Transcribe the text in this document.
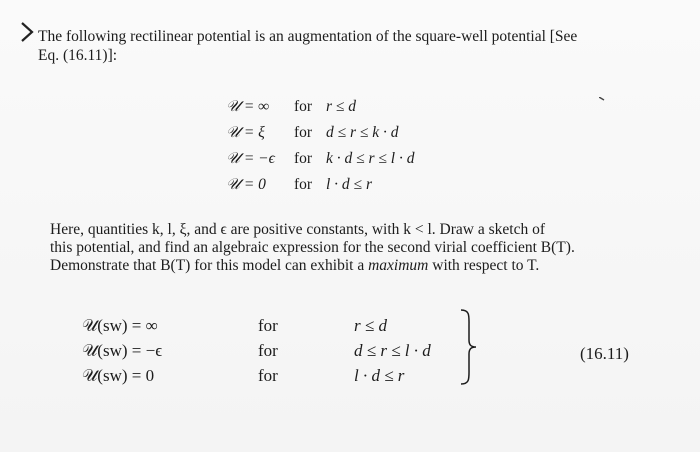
The following rectilinear potential is an augmentation of the square-well potential [See
Eq. (16.11)]:

𝒰 = ∞ for r ≤ d
𝒰 = ξ for d ≤ r ≤ k · d
𝒰 = −ϵ for k · d ≤ r ≤ l · d
𝒰 = 0 for l · d ≤ r

Here, quantities k, l, ξ, and ϵ are positive constants, with k < l. Draw a sketch of
this potential, and find an algebraic expression for the second virial coefficient B(T).
Demonstrate that B(T) for this model can exhibit a maximum with respect to T.

𝒰(sw) = ∞	for	r ≤ d
𝒰(sw) = −ϵ	for	d ≤ r ≤ l · d
𝒰(sw) = 0	for	l · d ≤ r
(16.11)
